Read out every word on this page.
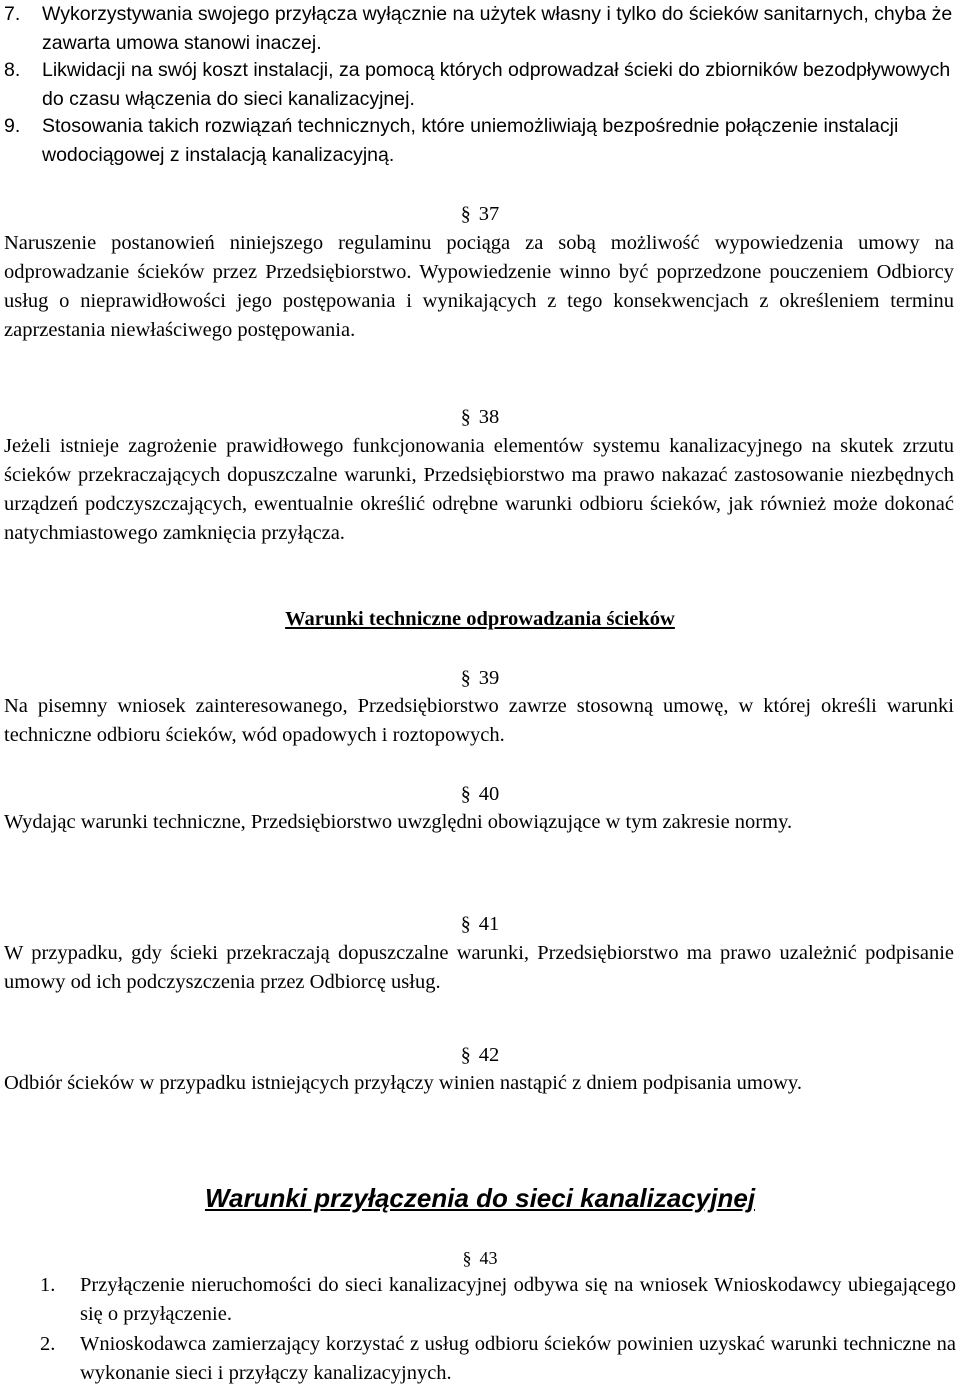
7. Wykorzystywania swojego przyłącza wyłącznie na użytek własny i tylko do ścieków sanitarnych, chyba że zawarta umowa stanowi inaczej.
8. Likwidacji na swój koszt instalacji, za pomocą których odprowadzał ścieki do zbiorników bezodpływowych do czasu włączenia do sieci kanalizacyjnej.
9. Stosowania takich rozwiązań technicznych, które uniemożliwiają bezpośrednie połączenie instalacji wodociągowej z instalacją kanalizacyjną.
§ 37
Naruszenie postanowień niniejszego regulaminu pociąga za sobą możliwość wypowiedzenia umowy na odprowadzanie ścieków przez Przedsiębiorstwo. Wypowiedzenie winno być poprzedzone pouczeniem Odbiorcy usług o nieprawidłowości jego postępowania i wynikających z tego konsekwencjach z określeniem terminu zaprzestania niewłaściwego postępowania.
§ 38
Jeżeli istnieje zagrożenie prawidłowego funkcjonowania elementów systemu kanalizacyjnego na skutek zrzutu ścieków przekraczających dopuszczalne warunki, Przedsiębiorstwo ma prawo nakazać zastosowanie niezbędnych urządzeń podczyszczających, ewentualnie określić odrębne warunki odbioru ścieków, jak również może dokonać natychmiastowego zamknięcia przyłącza.
Warunki techniczne odprowadzania ścieków
§ 39
Na pisemny wniosek zainteresowanego, Przedsiębiorstwo zawrze stosowną umowę, w której określi warunki techniczne odbioru ścieków, wód opadowych i roztopowych.
§ 40
Wydając warunki techniczne, Przedsiębiorstwo uwzględni obowiązujące w tym zakresie normy.
§ 41
W przypadku, gdy ścieki przekraczają dopuszczalne warunki, Przedsiębiorstwo ma prawo uzależnić podpisanie umowy od ich podczyszczenia przez Odbiorcę usług.
§ 42
Odbiór ścieków w przypadku istniejących przyłączy winien nastąpić z dniem podpisania umowy.
Warunki przyłączenia do sieci kanalizacyjnej
§ 43
1. Przyłączenie nieruchomości do sieci kanalizacyjnej odbywa się na wniosek Wnioskodawcy ubiegającego się o przyłączenie.
2. Wnioskodawca zamierzający korzystać z usług odbioru ścieków powinien uzyskać warunki techniczne na wykonanie sieci i przyłączy kanalizacyjnych.
